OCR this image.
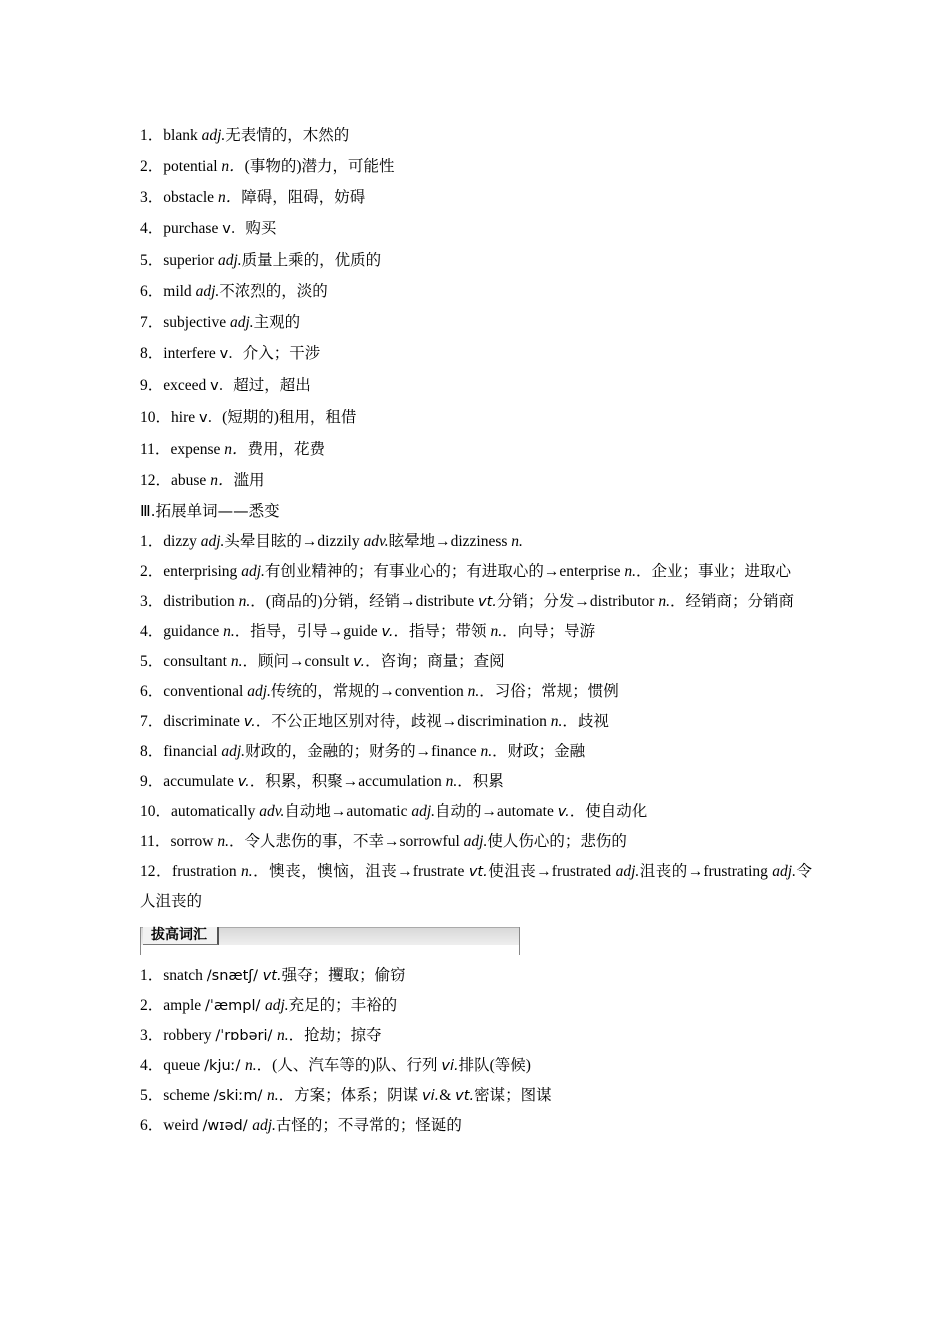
1．blank adj.无表情的，木然的
2．potential n．(事物的)潜力，可能性
3．obstacle n．障碍，阻碍，妨碍
4．purchase v．购买
5．superior adj.质量上乘的，优质的
6．mild adj.不浓烈的，淡的
7．subjective adj.主观的
8．interfere v．介入；干涉
9．exceed v．超过，超出
10．hire v．(短期的)租用，租借
11．expense n．费用，花费
12．abuse n．滥用
Ⅲ.拓展单词——悉变
1．dizzy adj.头晕目眩的→dizzily adv.眩晕地→dizziness n.
2．enterprising adj.有创业精神的；有事业心的；有进取心的→enterprise n.．企业；事业；进取心
3．distribution n.．(商品的)分销，经销→distribute vt.分销；分发→distributor n.．经销商；分销商
4．guidance n.．指导，引导→guide v.．指导；带领 n.．向导；导游
5．consultant n.．顾问→consult v.．咨询；商量；查阅
6．conventional adj.传统的，常规的→convention n.．习俗；常规；惯例
7．discriminate v.．不公正地区别对待，歧视→discrimination n.．歧视
8．financial adj.财政的，金融的；财务的→finance n.．财政；金融
9．accumulate v.．积累，积聚→accumulation n.．积累
10．automatically adv.自动地→automatic adj.自动的→automate v.．使自动化
11．sorrow n.．令人悲伤的事，不幸→sorrowful adj.使人伤心的；悲伤的
12．frustration n.．懊丧，懊恼，沮丧→frustrate vt.使沮丧→frustrated adj.沮丧的→frustrating adj.令人沮丧的
拔高词汇
1．snatch /snætʃ/ vt.强夺；攫取；偷窃
2．ample /ˈæmpl/ adj.充足的；丰裕的
3．robbery /ˈrɒbəri/ n.．抢劫；掠夺
4．queue /kjuː/ n.．(人、汽车等的)队、行列 vi.排队(等候)
5．scheme /skiːm/ n.．方案；体系；阴谋 vi.& vt.密谋；图谋
6．weird /wɪəd/ adj.古怪的；不寻常的；怪诞的
